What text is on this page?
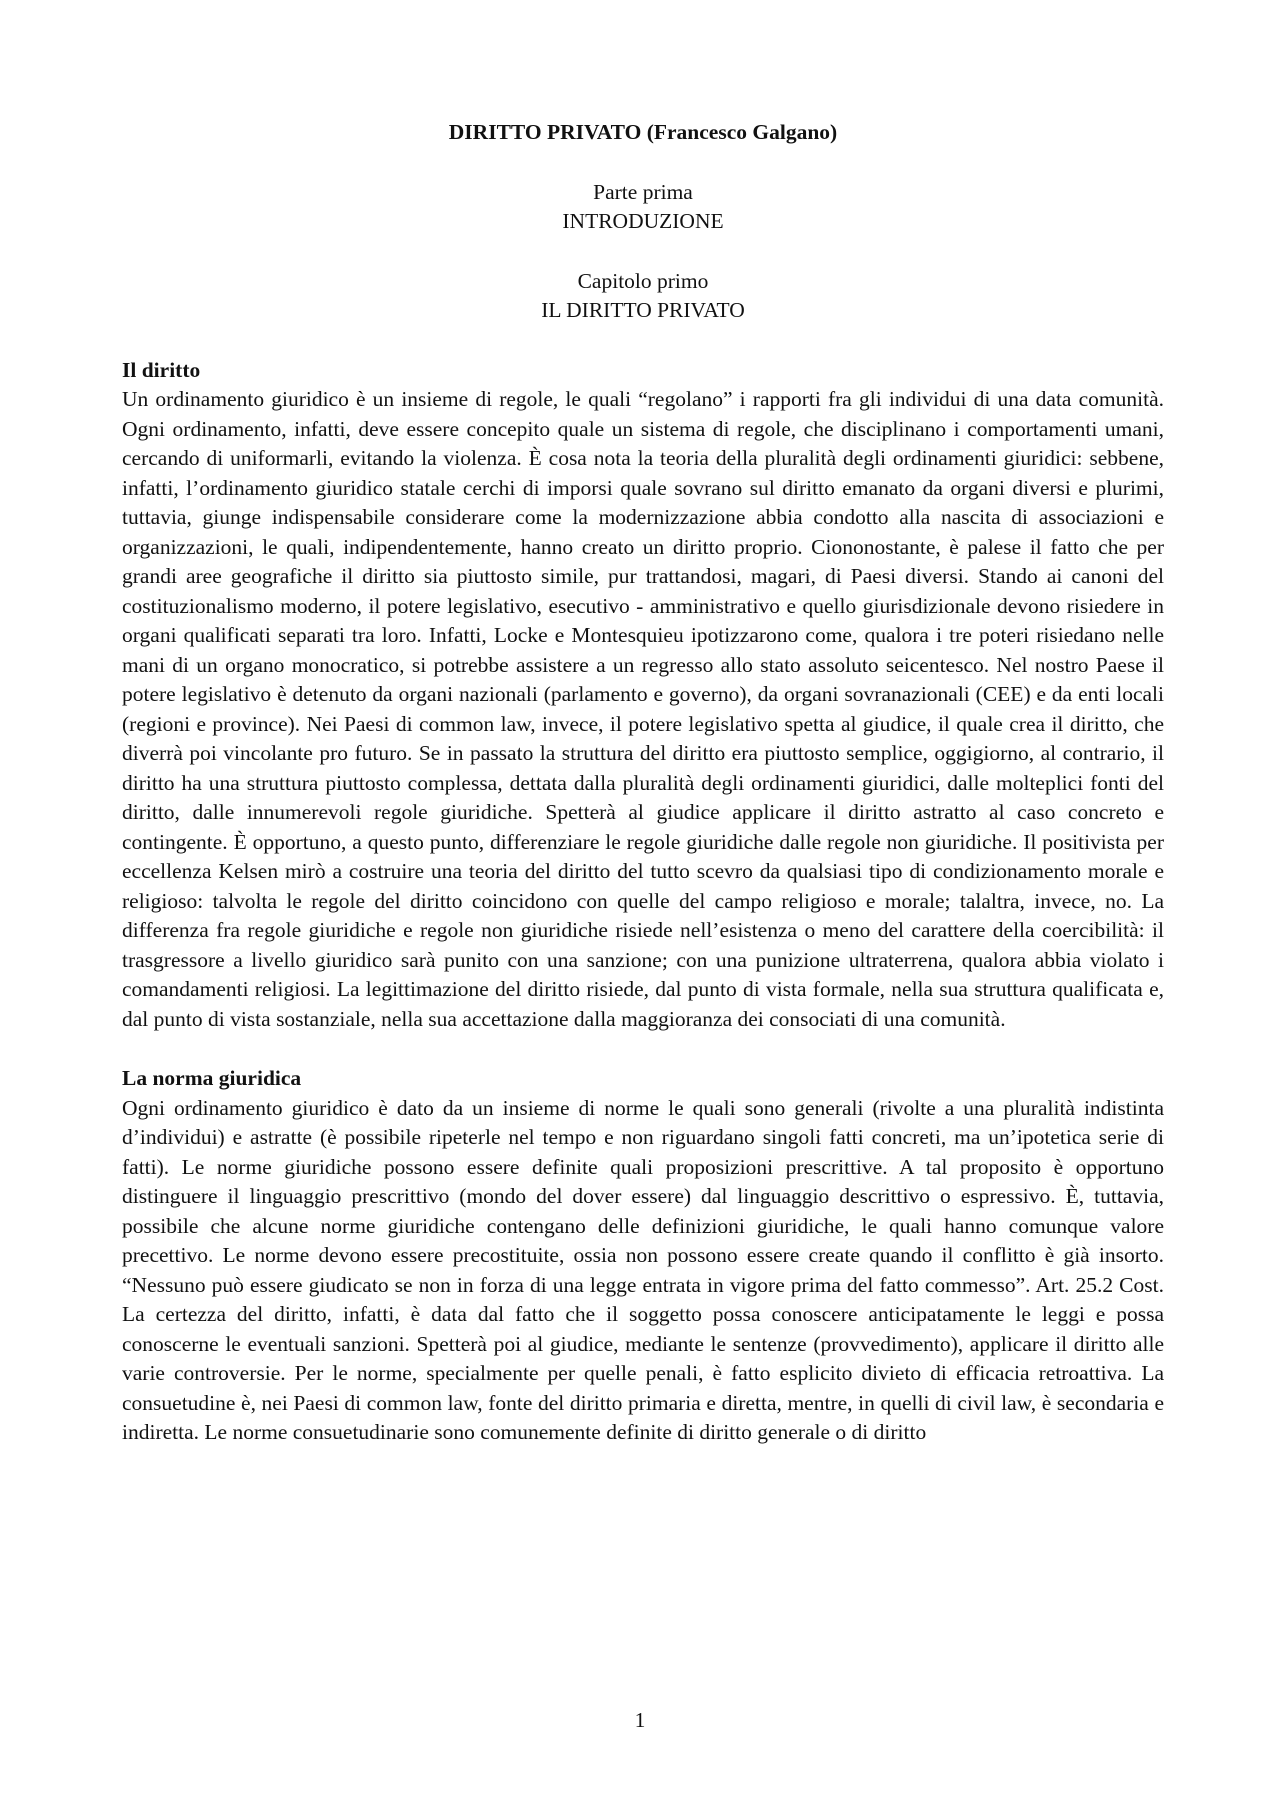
DIRITTO PRIVATO (Francesco Galgano)
Parte prima
INTRODUZIONE
Capitolo primo
IL DIRITTO PRIVATO

Il diritto

Un ordinamento giuridico è un insieme di regole, le quali “regolano” i rapporti fra gli individui di una data comunità. Ogni ordinamento, infatti, deve essere concepito quale un sistema di regole, che disciplinano i comportamenti umani, cercando di uniformarli, evitando la violenza. È cosa nota la teoria della pluralità degli ordinamenti giuridici: sebbene, infatti, l’ordinamento giuridico statale cerchi di imporsi quale sovrano sul diritto emanato da organi diversi e plurimi, tuttavia, giunge indispensabile considerare come la modernizzazione abbia condotto alla nascita di associazioni e organizzazioni, le quali, indipendentemente, hanno creato un diritto proprio. Ciononostante, è palese il fatto che per grandi aree geografiche il diritto sia piuttosto simile, pur trattandosi, magari, di Paesi diversi. Stando ai canoni del costituzionalismo moderno, il potere legislativo, esecutivo - amministrativo e quello giurisdizionale devono risiedere in organi qualificati separati tra loro. Infatti, Locke e Montesquieu ipotizzarono come, qualora i tre poteri risiedano nelle mani di un organo monocratico, si potrebbe assistere a un regresso allo stato assoluto seicentesco. Nel nostro Paese il potere legislativo è detenuto da organi nazionali (parlamento e governo), da organi sovranazionali (CEE) e da enti locali (regioni e province). Nei Paesi di common law, invece, il potere legislativo spetta al giudice, il quale crea il diritto, che diverrà poi vincolante pro futuro. Se in passato la struttura del diritto era piuttosto semplice, oggigiorno, al contrario, il diritto ha una struttura piuttosto complessa, dettata dalla pluralità degli ordinamenti giuridici, dalle molteplici fonti del diritto, dalle innumerevoli regole giuridiche. Spetterà al giudice applicare il diritto astratto al caso concreto e contingente. È opportuno, a questo punto, differenziare le regole giuridiche dalle regole non giuridiche. Il positivista per eccellenza Kelsen mirò a costruire una teoria del diritto del tutto scevro da qualsiasi tipo di condizionamento morale e religioso: talvolta le regole del diritto coincidono con quelle del campo religioso e morale; talaltra, invece, no. La differenza fra regole giuridiche e regole non giuridiche risiede nell’esistenza o meno del carattere della coercibilità: il trasgressore a livello giuridico sarà punito con una sanzione; con una punizione ultraterrena, qualora abbia violato i comandamenti religiosi. La legittimazione del diritto risiede, dal punto di vista formale, nella sua struttura qualificata e, dal punto di vista sostanziale, nella sua accettazione dalla maggioranza dei consociati di una comunità.

La norma giuridica

Ogni ordinamento giuridico è dato da un insieme di norme le quali sono generali (rivolte a una pluralità indistinta d’individui) e astratte (è possibile ripeterle nel tempo e non riguardano singoli fatti concreti, ma un’ipotetica serie di fatti). Le norme giuridiche possono essere definite quali proposizioni prescrittive. A tal proposito è opportuno distinguere il linguaggio prescrittivo (mondo del dover essere) dal linguaggio descrittivo o espressivo. È, tuttavia, possibile che alcune norme giuridiche contengano delle definizioni giuridiche, le quali hanno comunque valore precettivo. Le norme devono essere precostituite, ossia non possono essere create quando il conflitto è già insorto. “Nessuno può essere giudicato se non in forza di una legge entrata in vigore prima del fatto commesso”. Art. 25.2 Cost. La certezza del diritto, infatti, è data dal fatto che il soggetto possa conoscere anticipatamente le leggi e possa conoscerne le eventuali sanzioni. Spetterà poi al giudice, mediante le sentenze (provvedimento), applicare il diritto alle varie controversie. Per le norme, specialmente per quelle penali, è fatto esplicito divieto di efficacia retroattiva. La consuetudine è, nei Paesi di common law, fonte del diritto primaria e diretta, mentre, in quelli di civil law, è secondaria e indiretta. Le norme consuetudinarie sono comunemente definite di diritto generale o di diritto

1
